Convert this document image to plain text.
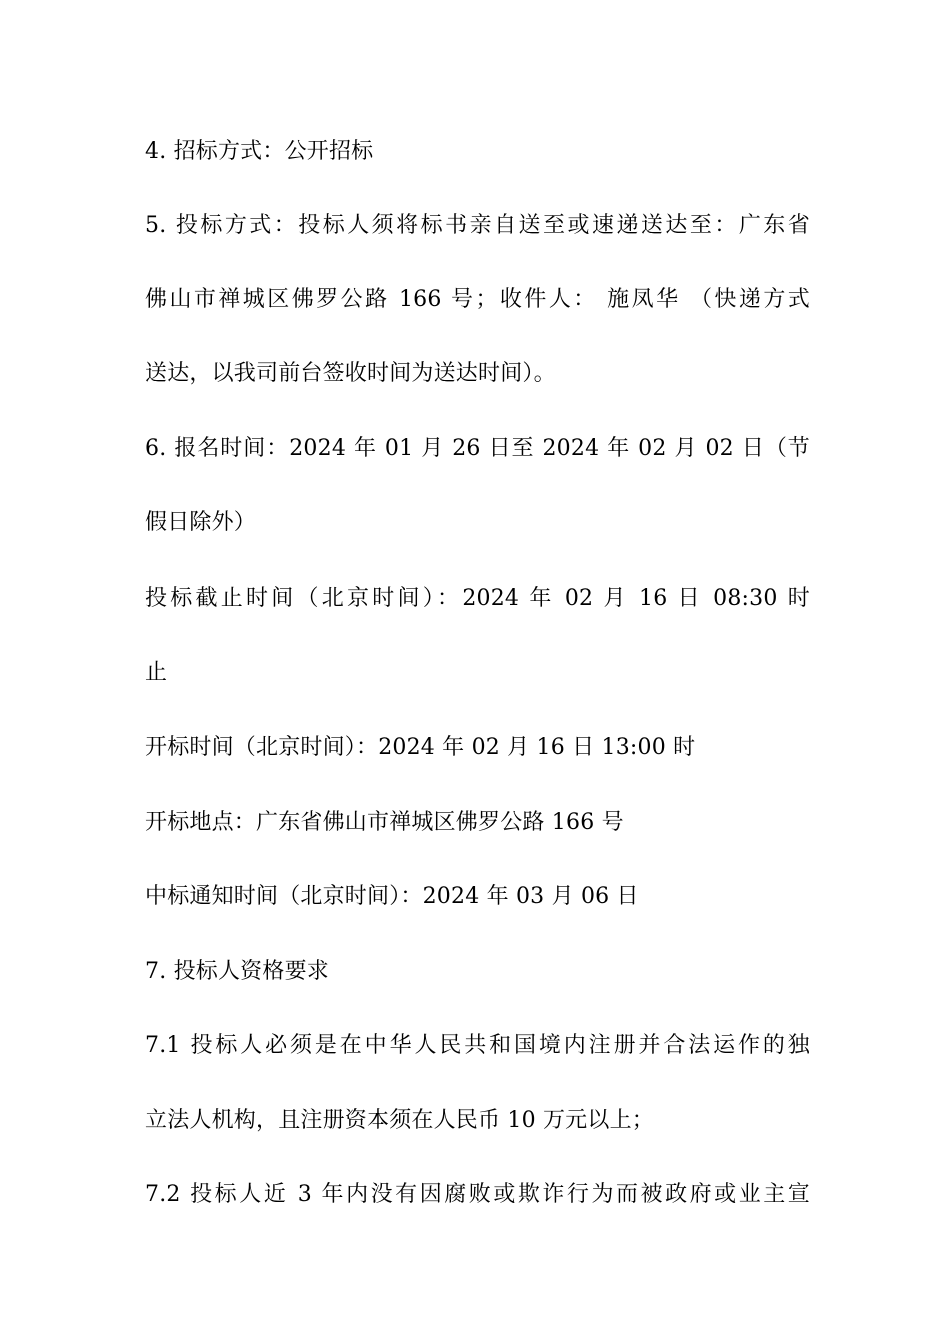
4. 招标方式：公开招标
5. 投标方式：投标人须将标书亲自送至或速递送达至：广东省
佛山市禅城区佛罗公路 166 号；收件人： 施凤华 （快递方式
送达，以我司前台签收时间为送达时间）。
6. 报名时间：2024 年 01 月 26 日至 2024 年 02 月 02 日（节
假日除外）
投标截止时间（北京时间）：2024 年 02 月 16 日 08:30 时
止
开标时间（北京时间）：2024 年 02 月 16 日 13:00 时
开标地点：广东省佛山市禅城区佛罗公路 166 号
中标通知时间（北京时间）：2024 年 03 月 06 日
7. 投标人资格要求
7.1 投标人必须是在中华人民共和国境内注册并合法运作的独
立法人机构，且注册资本须在人民币 10 万元以上；
7.2 投标人近 3 年内没有因腐败或欺诈行为而被政府或业主宣
